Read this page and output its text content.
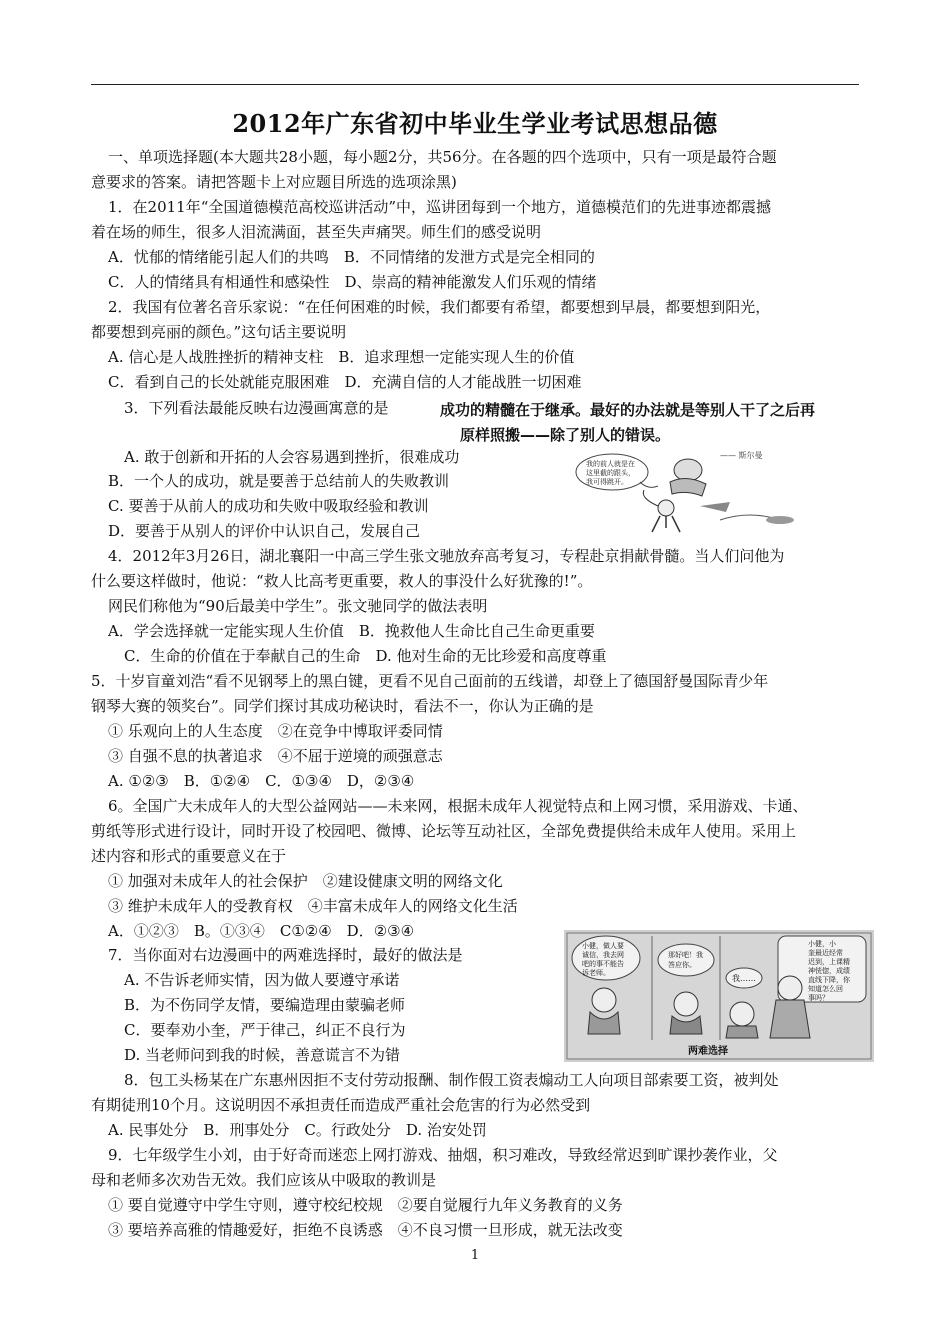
2012年广东省初中毕业生学业考试思想品德
一、单项选择题(本大题共28小题，每小题2分，共56分。在各题的四个选项中，只有一项是最符合题
意要求的答案。请把答题卡上对应题目所选的选项涂黑)
1．在2011年“全国道德模范高校巡讲活动”中，巡讲团每到一个地方，道德模范们的先进事迹都震撼
着在场的师生，很多人泪流满面，甚至失声痛哭。师生们的感受说明
A．忧郁的情绪能引起人们的共鸣　B．不同情绪的发泄方式是完全相同的
C．人的情绪具有相通性和感染性　D、崇高的精神能激发人们乐观的情绪
2．我国有位著名音乐家说：“在任何困难的时候，我们都要有希望，都要想到早晨，都要想到阳光，
都要想到亮丽的颜色。”这句话主要说明
A. 信心是人战胜挫折的精神支柱　B．追求理想一定能实现人生的价值
C．看到自己的长处就能克服困难　D．充满自信的人才能战胜一切困难
3．下列看法最能反映右边漫画寓意的是
A. 敢于创新和开拓的人会容易遇到挫折，很难成功
B．一个人的成功，就是要善于总结前人的失败教训
C. 要善于从前人的成功和失败中吸取经验和教训
D．要善于从别人的评价中认识自己，发展自己
4．2012年3月26日，湖北襄阳一中高三学生张文驰放弃高考复习，专程赴京捐献骨髓。当人们问他为
什么要这样做时，他说：“救人比高考更重要，救人的事没什么好犹豫的!”。
网民们称他为“90后最美中学生”。张文驰同学的做法表明
A．学会选择就一定能实现人生价值　B．挽救他人生命比自己生命更重要
C．生命的价值在于奉献自己的生命　D. 他对生命的无比珍爱和高度尊重
5．十岁盲童刘浩“看不见钢琴上的黑白键，更看不见自己面前的五线谱，却登上了德国舒曼国际青少年
钢琴大赛的领奖台”。同学们探讨其成功秘诀时，看法不一，你认为正确的是
① 乐观向上的人生态度　②在竞争中博取评委同情
③ 自强不息的执著追求　④不屈于逆境的顽强意志
A. ①②③　B．①②④　C．①③④　D，②③④
6。全国广大未成年人的大型公益网站——未来网，根据未成年人视觉特点和上网习惯，采用游戏、卡通、
剪纸等形式进行设计，同时开设了校园吧、微博、论坛等互动社区，全部免费提供给未成年人使用。采用上
述内容和形式的重要意义在于
① 加强对未成年人的社会保护　②建设健康文明的网络文化
③ 维护未成年人的受教育权　④丰富未成年人的网络文化生活
A．①②③　B。①③④　C①②④　D．②③④
7．当你面对右边漫画中的两难选择时，最好的做法是
A. 不告诉老师实情，因为做人要遵守承诺
B．为不伤同学友情，要编造理由蒙骗老师
C．要奉劝小奎，严于律己，纠正不良行为
D. 当老师问到我的时候，善意谎言不为错
8．包工头杨某在广东惠州因拒不支付劳动报酬、制作假工资表煽动工人向项目部索要工资，被判处
有期徒刑10个月。这说明因不承担责任而造成严重社会危害的行为必然受到
A. 民事处分　B．刑事处分　C。行政处分　D. 治安处罚
9．七年级学生小刘，由于好奇而迷恋上网打游戏、抽烟，积习难改，导致经常迟到旷课抄袭作业，父
母和老师多次劝告无效。我们应该从中吸取的教训是
① 要自觉遵守中学生守则，遵守校纪校规　②要自觉履行九年义务教育的义务
③ 要培养高雅的情趣爱好，拒绝不良诱惑　④不良习惯一旦形成，就无法改变
成功的精髓在于继承。最好的办法就是等别人干了之后再
原样照搬——除了别人的错误。
—— 斯尔曼
我的前人就是在
这里截的跟头，
我可得跳开。
小健，做人要
诚信，我去网
吧的事不能告
诉老师。
那好吧！我
答应你。
我……
小健，小
奎最近经常
迟到，上课精
神恍惚，成绩
直线下降，你
知道怎么回
事吗？
两难选择
1
